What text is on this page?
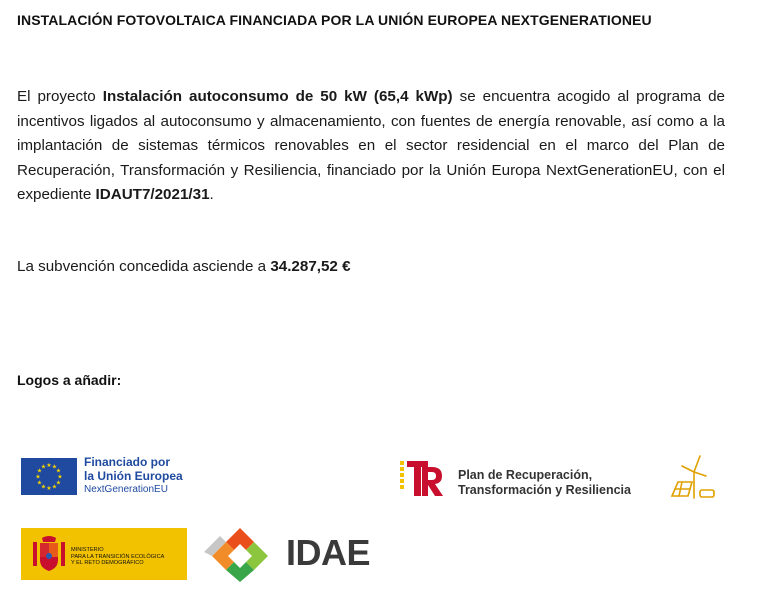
INSTALACIÓN FOTOVOLTAICA FINANCIADA POR LA UNIÓN EUROPEA NEXTGENERATIONEU
El proyecto Instalación autoconsumo de 50 kW (65,4 kWp) se encuentra acogido al programa de incentivos ligados al autoconsumo y almacenamiento, con fuentes de energía renovable, así como a la implantación de sistemas térmicos renovables en el sector residencial en el marco del Plan de Recuperación, Transformación y Resiliencia, financiado por la Unión Europa NextGenerationEU, con el expediente IDAUT7/2021/31.
La subvención concedida asciende a 34.287,52 €
Logos a añadir:
★ ★
★
★
★
★
★
★
★
★
★
★	Financiado por
la Unión Europea
NextGenerationEU
Plan de Recuperación,
Transformación y Resiliencia
MINISTERIO
PARA LA TRANSICIÓN ECOLÓGICA
Y EL RETO DEMOGRÁFICO	IDAE
